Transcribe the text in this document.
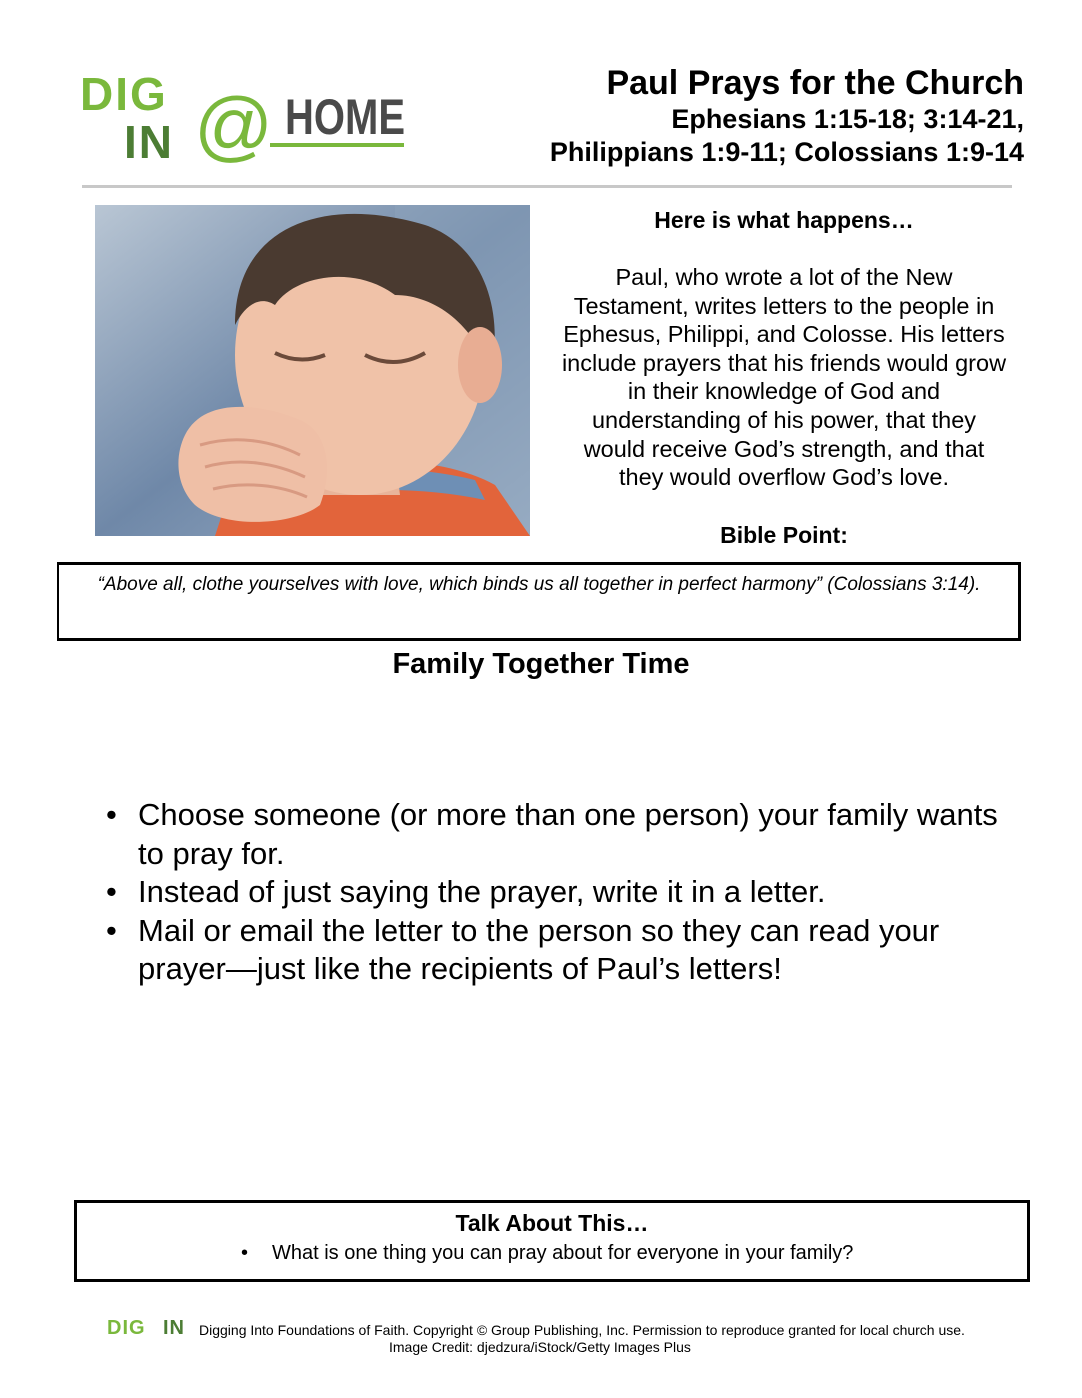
DIG
IN @ HOME
Paul Prays for the Church
Ephesians 1:15-18; 3:14-21,
Philippians 1:9-11; Colossians 1:9-14
Here is what happens…
Paul, who wrote a lot of the New Testament, writes letters to the people in Ephesus, Philippi, and Colosse. His letters include prayers that his friends would grow in their knowledge of God and understanding of his power, that they would receive God’s strength, and that they would overflow God’s love.
Bible Point:
“Above all, clothe yourselves with love, which binds us all together in perfect harmony” (Colossians 3:14).
Family Together Time
• Choose someone (or more than one person) your family wants to pray for.
• Instead of just saying the prayer, write it in a letter.
• Mail or email the letter to the person so they can read your prayer—just like the recipients of Paul’s letters!
Talk About This…
• What is one thing you can pray about for everyone in your family?
DIG IN Digging Into Foundations of Faith. Copyright © Group Publishing, Inc. Permission to reproduce granted for local church use.
Image Credit: djedzura/iStock/Getty Images Plus
